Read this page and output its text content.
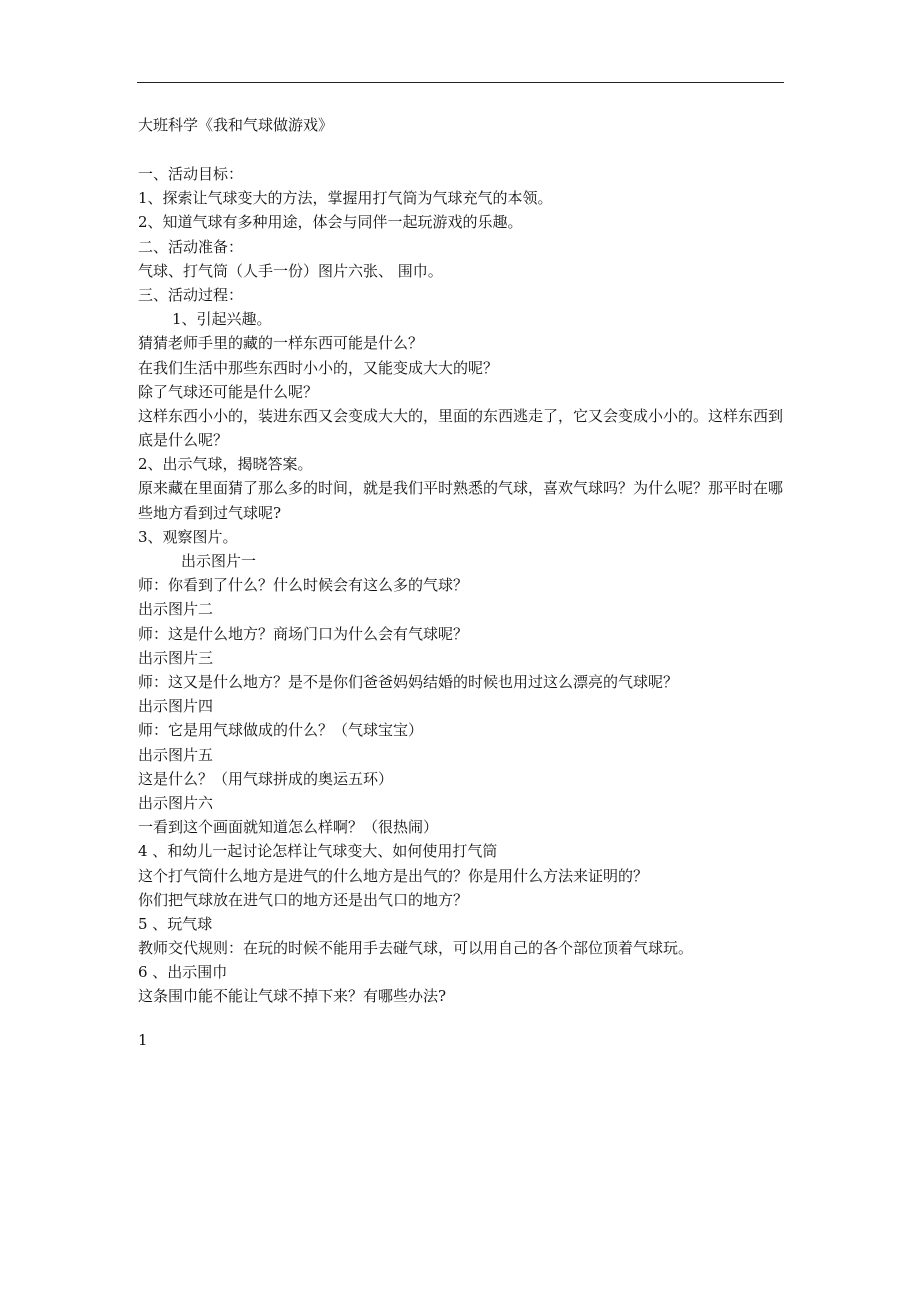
大班科学《我和气球做游戏》
一、活动目标：
1、探索让气球变大的方法，掌握用打气筒为气球充气的本领。
2、知道气球有多种用途，体会与同伴一起玩游戏的乐趣。
二、活动准备：
气球、打气筒（人手一份）图片六张、 围巾。
三、活动过程：
1、引起兴趣。
猜猜老师手里的藏的一样东西可能是什么？
在我们生活中那些东西时小小的，又能变成大大的呢？
除了气球还可能是什么呢？
这样东西小小的，装进东西又会变成大大的，里面的东西逃走了，它又会变成小小的。这样东西到底是什么呢？
2、出示气球，揭晓答案。
原来藏在里面猜了那么多的时间，就是我们平时熟悉的气球，喜欢气球吗？为什么呢？那平时在哪些地方看到过气球呢?
3、观察图片。
出示图片一
师：你看到了什么？什么时候会有这么多的气球？
出示图片二
师：这是什么地方？商场门口为什么会有气球呢？
出示图片三
师：这又是什么地方？是不是你们爸爸妈妈结婚的时候也用过这么漂亮的气球呢？
出示图片四
师：它是用气球做成的什么？（气球宝宝）
出示图片五
这是什么？（用气球拼成的奥运五环）
出示图片六
一看到这个画面就知道怎么样啊？（很热闹）
4 、和幼儿一起讨论怎样让气球变大、如何使用打气筒
这个打气筒什么地方是进气的什么地方是出气的？你是用什么方法来证明的？
你们把气球放在进气口的地方还是出气口的地方？
5 、玩气球
教师交代规则：在玩的时候不能用手去碰气球，可以用自己的各个部位顶着气球玩。
6 、出示围巾
这条围巾能不能让气球不掉下来？有哪些办法?
1
